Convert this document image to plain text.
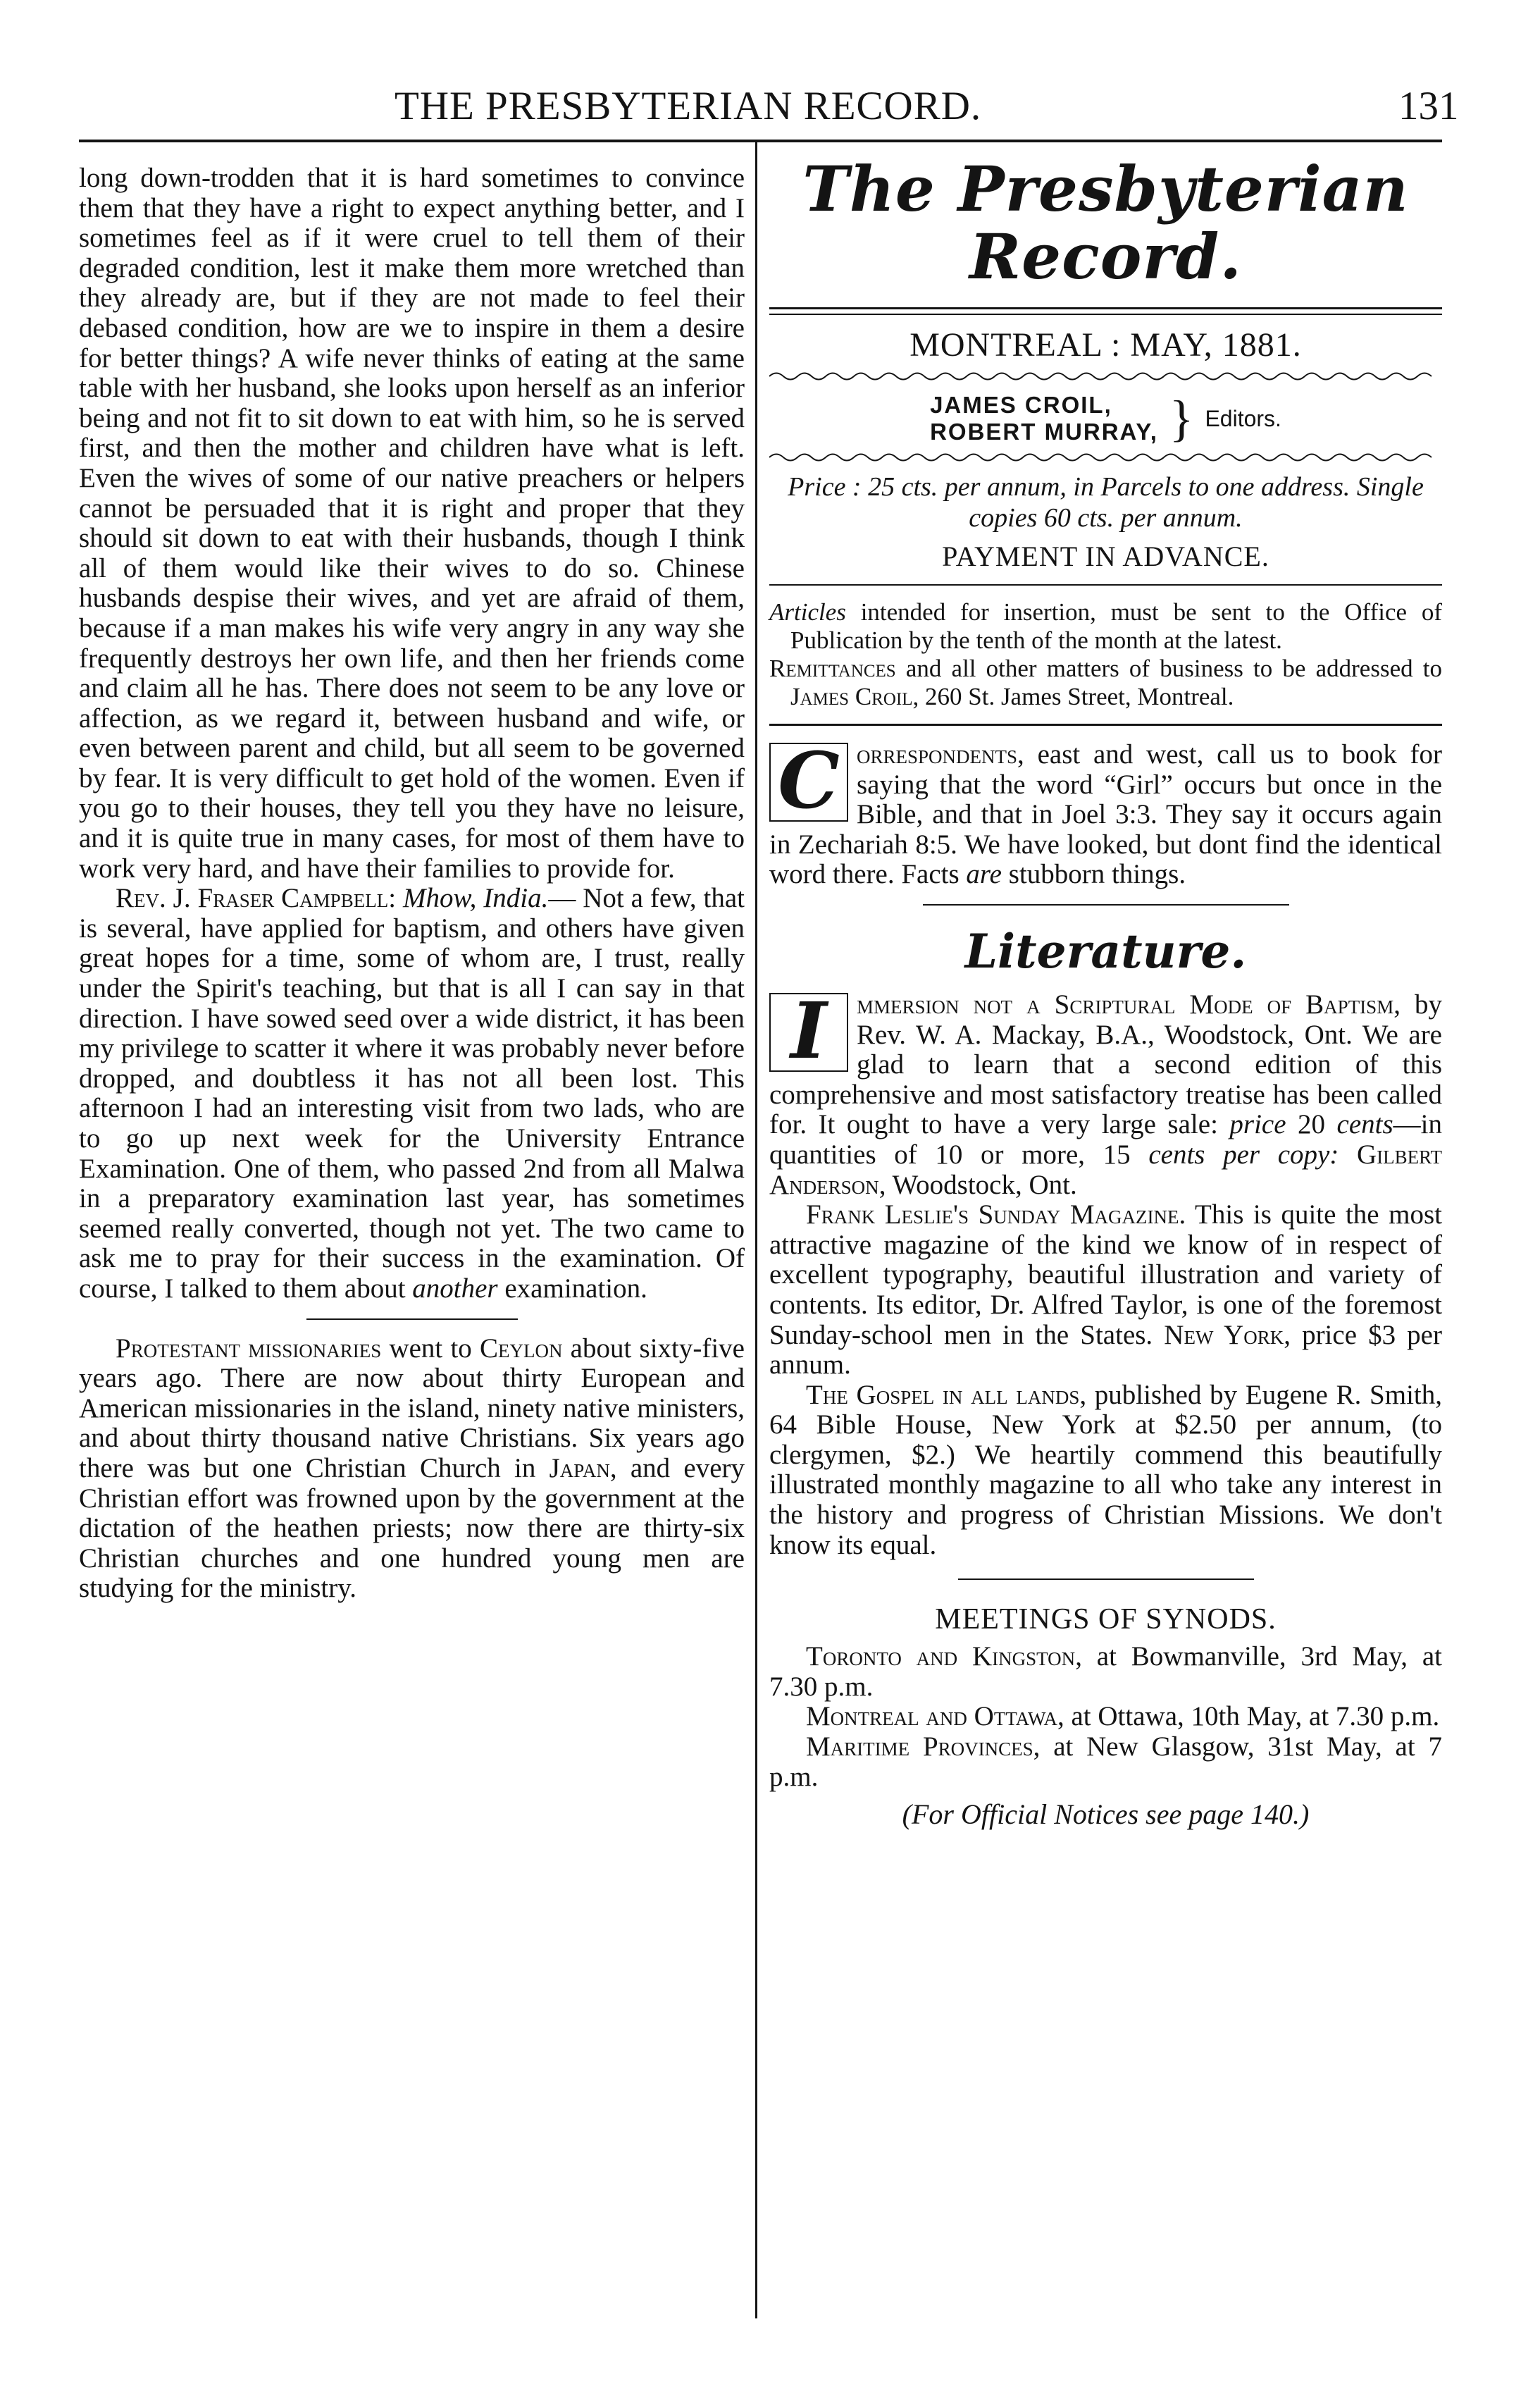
THE PRESBYTERIAN RECORD.	131

long down-trodden that it is hard sometimes to convince them that they have a right to expect anything better, and I sometimes feel as if it were cruel to tell them of their degraded condition, lest it make them more wretched than they already are, but if they are not made to feel their debased condition, how are we to inspire in them a desire for better things? A wife never thinks of eating at the same table with her husband, she looks upon herself as an inferior being and not fit to sit down to eat with him, so he is served first, and then the mother and children have what is left. Even the wives of some of our native preachers or helpers cannot be persuaded that it is right and proper that they should sit down to eat with their husbands, though I think all of them would like their wives to do so. Chinese husbands despise their wives, and yet are afraid of them, because if a man makes his wife very angry in any way she frequently destroys her own life, and then her friends come and claim all he has. There does not seem to be any love or affection, as we regard it, between husband and wife, or even between parent and child, but all seem to be governed by fear. It is very difficult to get hold of the women. Even if you go to their houses, they tell you they have no leisure, and it is quite true in many cases, for most of them have to work very hard, and have their families to provide for.

Rev. J. Fraser Campbell: Mhow, India.— Not a few, that is several, have applied for baptism, and others have given great hopes for a time, some of whom are, I trust, really under the Spirit's teaching, but that is all I can say in that direction. I have sowed seed over a wide district, it has been my privilege to scatter it where it was probably never before dropped, and doubtless it has not all been lost. This afternoon I had an interesting visit from two lads, who are to go up next week for the University Entrance Examination. One of them, who passed 2nd from all Malwa in a preparatory examination last year, has sometimes seemed really converted, though not yet. The two came to ask me to pray for their success in the examination. Of course, I talked to them about another examination.

Protestant missionaries went to Ceylon about sixty-five years ago. There are now about thirty European and American missionaries in the island, ninety native ministers, and about thirty thousand native Christians. Six years ago there was but one Christian Church in Japan, and every Christian effort was frowned upon by the government at the dictation of the heathen priests; now there are thirty-six Christian churches and one hundred young men are studying for the ministry.

The Presbyterian Record.
MONTREAL : MAY, 1881.
JAMES CROIL,
ROBERT MURRAY, } Editors.

Price : 25 cts. per annum, in Parcels to one address. Single copies 60 cts. per annum.

PAYMENT IN ADVANCE.

Articles intended for insertion, must be sent to the Office of Publication by the tenth of the month at the latest.

Remittances and all other matters of business to be addressed to James Croil, 260 St. James Street, Montreal.

C orrespondents, east and west, call us to book for saying that the word “Girl” occurs but once in the Bible, and that in Joel 3:3. They say it occurs again in Zechariah 8:5. We have looked, but dont find the identical word there. Facts are stubborn things.

Literature.

I	mmersion not a Scriptural Mode of Baptism, by Rev. W. A. Mackay, B.A., Woodstock, Ont. We are glad to learn that a second edition of this comprehensive and most satisfactory treatise has been called for. It ought to have a very large sale: price 20 cents—in quantities of 10 or more, 15 cents per copy: Gilbert Anderson, Woodstock, Ont.

Frank Leslie's Sunday Magazine. This is quite the most attractive magazine of the kind we know of in respect of excellent typography, beautiful illustration and variety of contents. Its editor, Dr. Alfred Taylor, is one of the foremost Sunday-school men in the States. New York, price $3 per annum.

The Gospel in all lands, published by Eugene R. Smith, 64 Bible House, New York at $2.50 per annum, (to clergymen, $2.) We heartily commend this beautifully illustrated monthly magazine to all who take any interest in the history and progress of Christian Missions. We don't know its equal.

MEETINGS OF SYNODS.

Toronto and Kingston, at Bowmanville, 3rd May, at 7.30 p.m.

Montreal and Ottawa, at Ottawa, 10th May, at 7.30 p.m.

Maritime Provinces, at New Glasgow, 31st May, at 7 p.m.

(For Official Notices see page 140.)
